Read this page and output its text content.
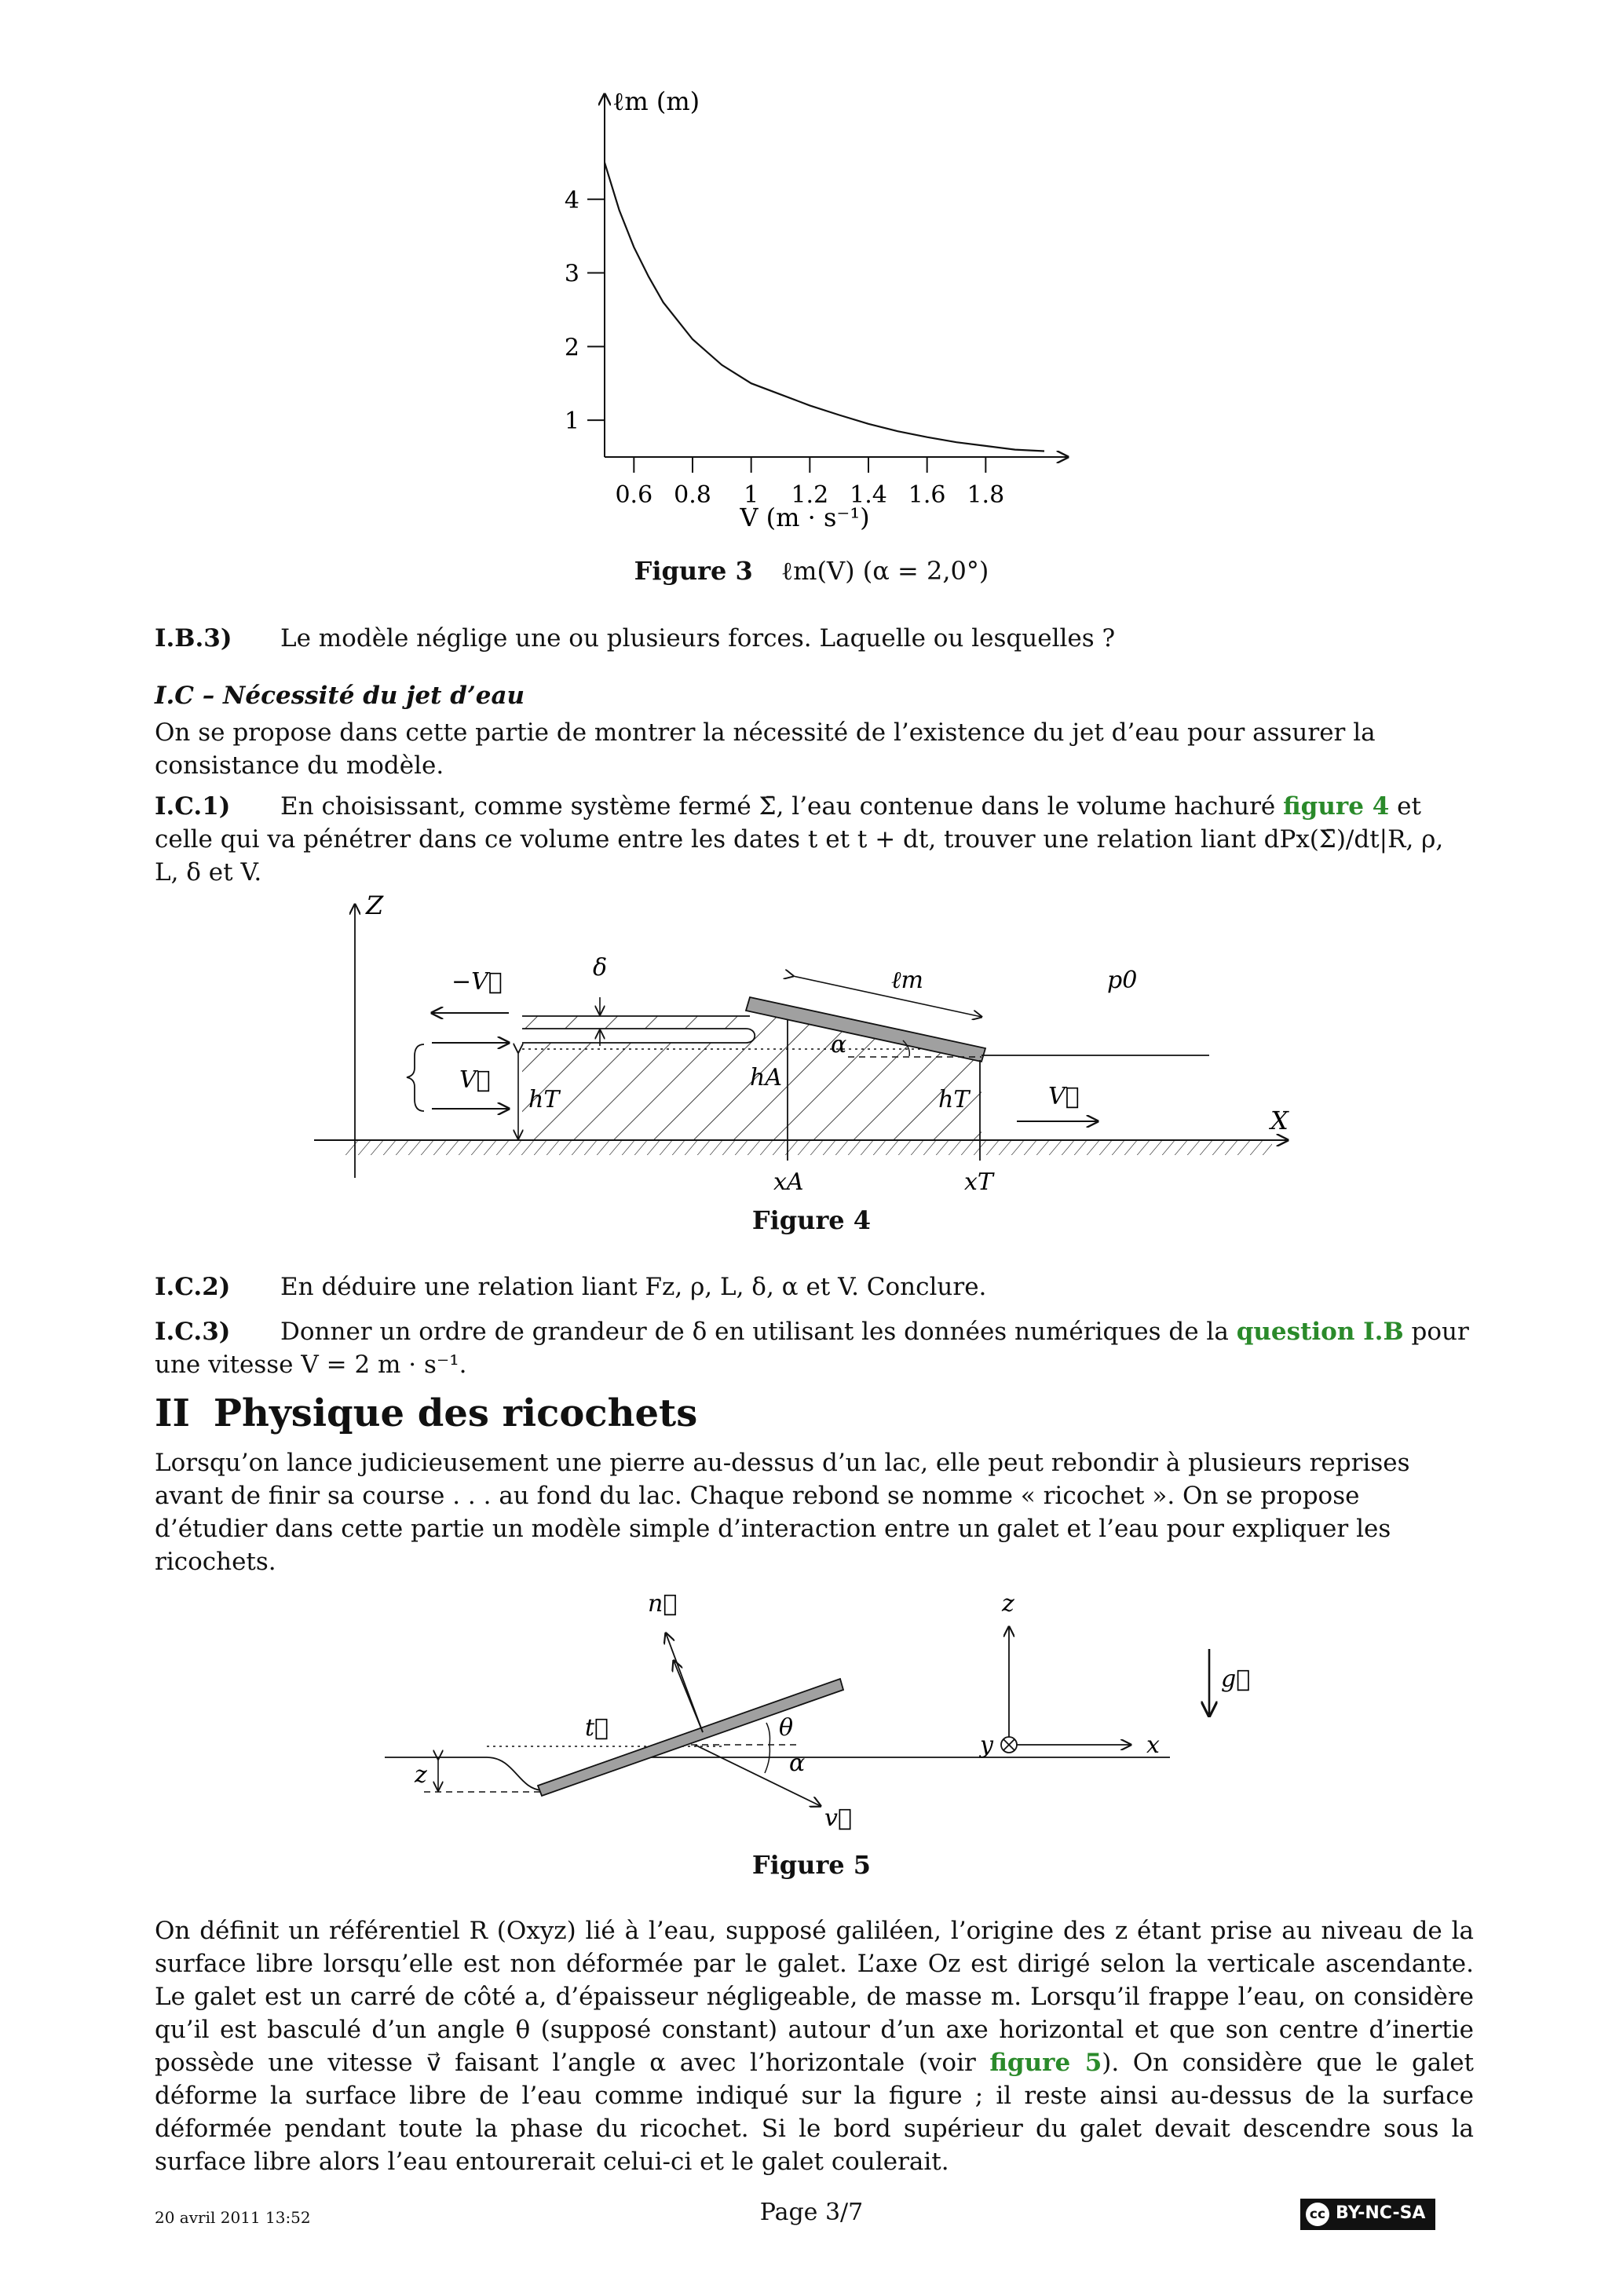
ℓm (m)
1
2
3
4
0.6 0.8 1 1.2 1.4 1.6 1.8
V (m · s⁻¹)
Figure 3 ℓm(V) (α = 2,0°)
I.B.3) Le modèle néglige une ou plusieurs forces. Laquelle ou lesquelles ?
I.C – Nécessité du jet d’eau
On se propose dans cette partie de montrer la nécessité de l’existence du jet d’eau pour assurer la consistance du modèle.
I.C.1) En choisissant, comme système fermé Σ̄, l’eau contenue dans le volume hachuré figure 4 et celle qui va pénétrer dans ce volume entre les dates t et t + dt, trouver une relation liant dPx(Σ̄)/dt|R, ρ, L, δ et V.
Z
X
α
ℓm	p0
δ
−V⃗
V⃗
hT
hA
hT	V⃗
xA	xT
Figure 4
I.C.2) En déduire une relation liant Fz, ρ, L, δ, α et V. Conclure.
I.C.3) Donner un ordre de grandeur de δ en utilisant les données numériques de la question I.B pour une vitesse V = 2 m · s⁻¹.
II Physique des ricochets
Lorsqu’on lance judicieusement une pierre au-dessus d’un lac, elle peut rebondir à plusieurs reprises avant de finir sa course . . . au fond du lac. Chaque rebond se nomme « ricochet ». On se propose d’étudier dans cette partie un modèle simple d’interaction entre un galet et l’eau pour expliquer les ricochets.
z
n⃗
t⃗	θ
α
v⃗
z
x
y
g⃗
Figure 5
On définit un référentiel R (Oxyz) lié à l’eau, supposé galiléen, l’origine des z étant prise au niveau de la surface libre lorsqu’elle est non déformée par le galet. L’axe Oz est dirigé selon la verticale ascendante. Le galet est un carré de côté a, d’épaisseur négligeable, de masse m. Lorsqu’il frappe l’eau, on considère qu’il est basculé d’un angle θ (supposé constant) autour d’un axe horizontal et que son centre d’inertie possède une vitesse v⃗ faisant l’angle α avec l’horizontale (voir figure 5). On considère que le galet déforme la surface libre de l’eau comme indiqué sur la figure ; il reste ainsi au-dessus de la surface déformée pendant toute la phase du ricochet. Si le bord supérieur du galet devait descendre sous la surface libre alors l’eau entourerait celui-ci et le galet coulerait.
20 avril 2011 13:52	Page 3/7	cc BY-NC-SA
